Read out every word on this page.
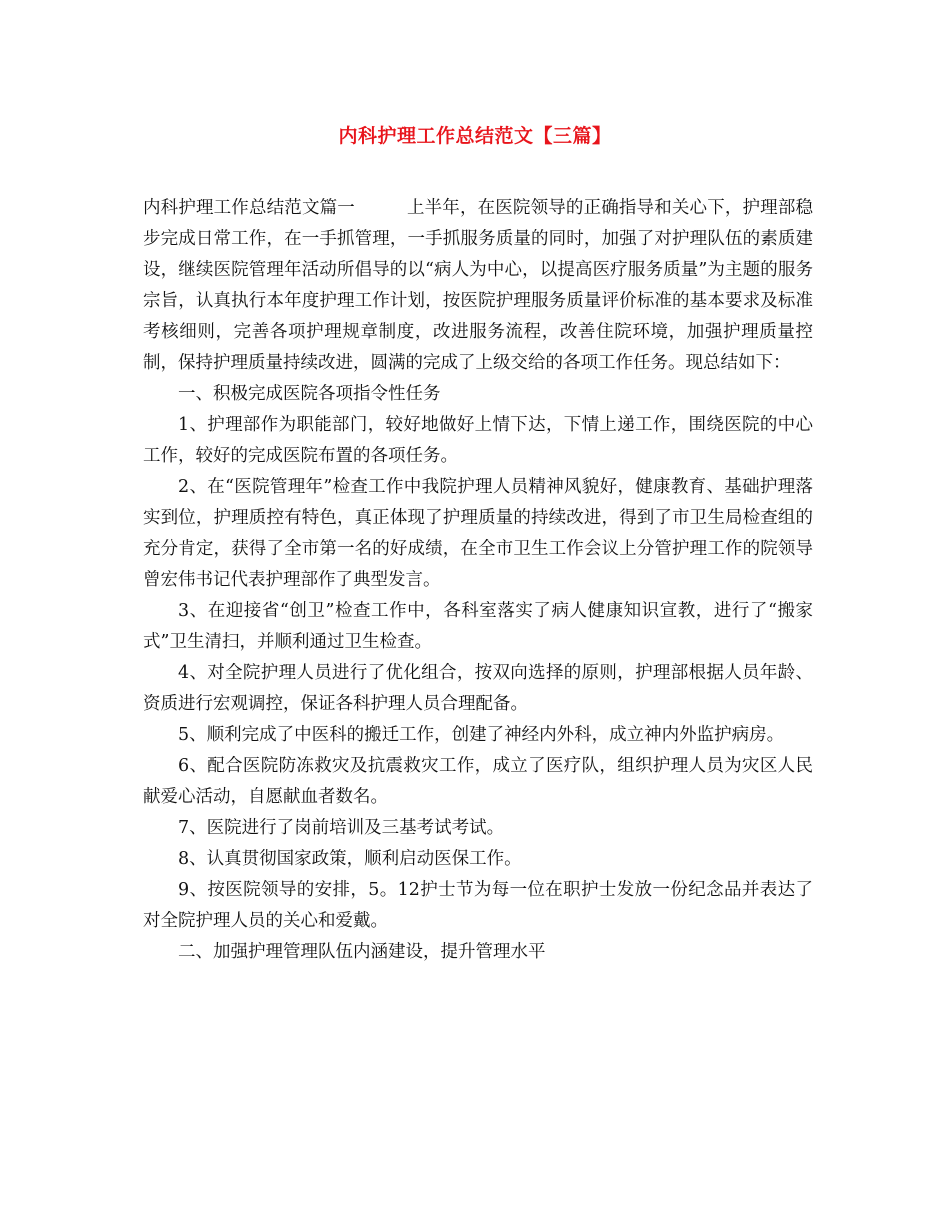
内科护理工作总结范文【三篇】

内科护理工作总结范文篇一	上半年，在医院领导的正确指导和关心下，护理部稳步完成日常工作，在一手抓管理，一手抓服务质量的同时，加强了对护理队伍的素质建设，继续医院管理年活动所倡导的以“病人为中心，以提高医疗服务质量”为主题的服务宗旨，认真执行本年度护理工作计划，按医院护理服务质量评价标准的基本要求及标准考核细则，完善各项护理规章制度，改进服务流程，改善住院环境，加强护理质量控制，保持护理质量持续改进，圆满的完成了上级交给的各项工作任务。现总结如下：

一、积极完成医院各项指令性任务

1、护理部作为职能部门，较好地做好上情下达，下情上递工作，围绕医院的中心工作，较好的完成医院布置的各项任务。

2、在“医院管理年”检查工作中我院护理人员精神风貌好，健康教育、基础护理落实到位，护理质控有特色，真正体现了护理质量的持续改进，得到了市卫生局检查组的充分肯定，获得了全市第一名的好成绩，在全市卫生工作会议上分管护理工作的院领导曾宏伟书记代表护理部作了典型发言。

3、在迎接省“创卫”检查工作中，各科室落实了病人健康知识宣教，进行了“搬家式”卫生清扫，并顺利通过卫生检查。

4、对全院护理人员进行了优化组合，按双向选择的原则，护理部根据人员年龄、资质进行宏观调控，保证各科护理人员合理配备。

5、顺利完成了中医科的搬迁工作，创建了神经内外科，成立神内外监护病房。

6、配合医院防冻救灾及抗震救灾工作，成立了医疗队，组织护理人员为灾区人民献爱心活动，自愿献血者数名。

7、医院进行了岗前培训及三基考试考试。

8、认真贯彻国家政策，顺利启动医保工作。

9、按医院领导的安排，5。12护士节为每一位在职护士发放一份纪念品并表达了对全院护理人员的关心和爱戴。

二、加强护理管理队伍内涵建设，提升管理水平
